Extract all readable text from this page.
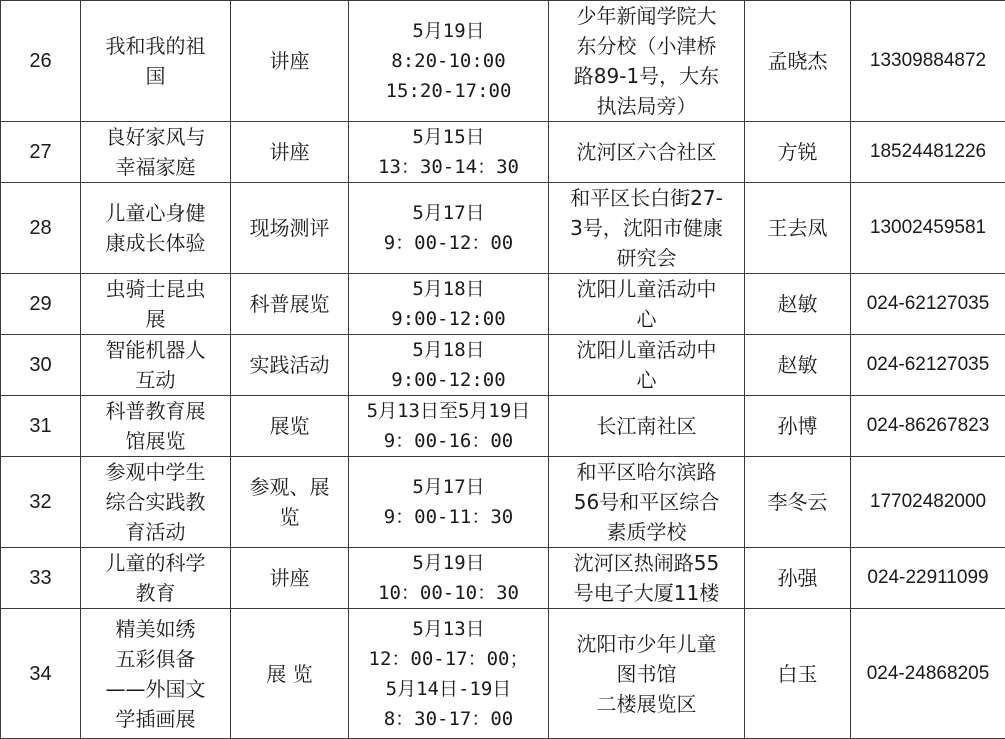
26	我和我的祖
国	讲座	5月19日
8:20-10:00
15:20-17:00	少年新闻学院大
东分校（小津桥
路89-1号，大东
执法局旁）	孟晓杰	13309884872
27	良好家风与
幸福家庭	讲座	5月15日
13：30-14：30	沈河区六合社区	方锐	18524481226
28	儿童心身健
康成长体验	现场测评	5月17日
9：00-12：00	和平区长白街27-
3号，沈阳市健康
研究会	王去凤	13002459581
29	虫骑士昆虫
展	科普展览	5月18日
9:00-12:00	沈阳儿童活动中
心	赵敏	024-62127035
30	智能机器人
互动	实践活动	5月18日
9:00-12:00	沈阳儿童活动中
心	赵敏	024-62127035
31	科普教育展
馆展览	展览	5月13日至5月19日
9：00-16：00	长江南社区	孙博	024-86267823
32	参观中学生
综合实践教
育活动	参观、展
览	5月17日
9：00-11：30	和平区哈尔滨路
56号和平区综合
素质学校	李冬云	17702482000
33	儿童的科学
教育	讲座	5月19日
10：00-10：30	沈河区热闹路55
号电子大厦11楼	孙强	024-22911099
34	精美如绣
五彩俱备
——外国文
学插画展	展 览	5月13日
12：00-17：00；
5月14日-19日
8：30-17：00	沈阳市少年儿童
图书馆
二楼展览区	白玉	024-24868205
